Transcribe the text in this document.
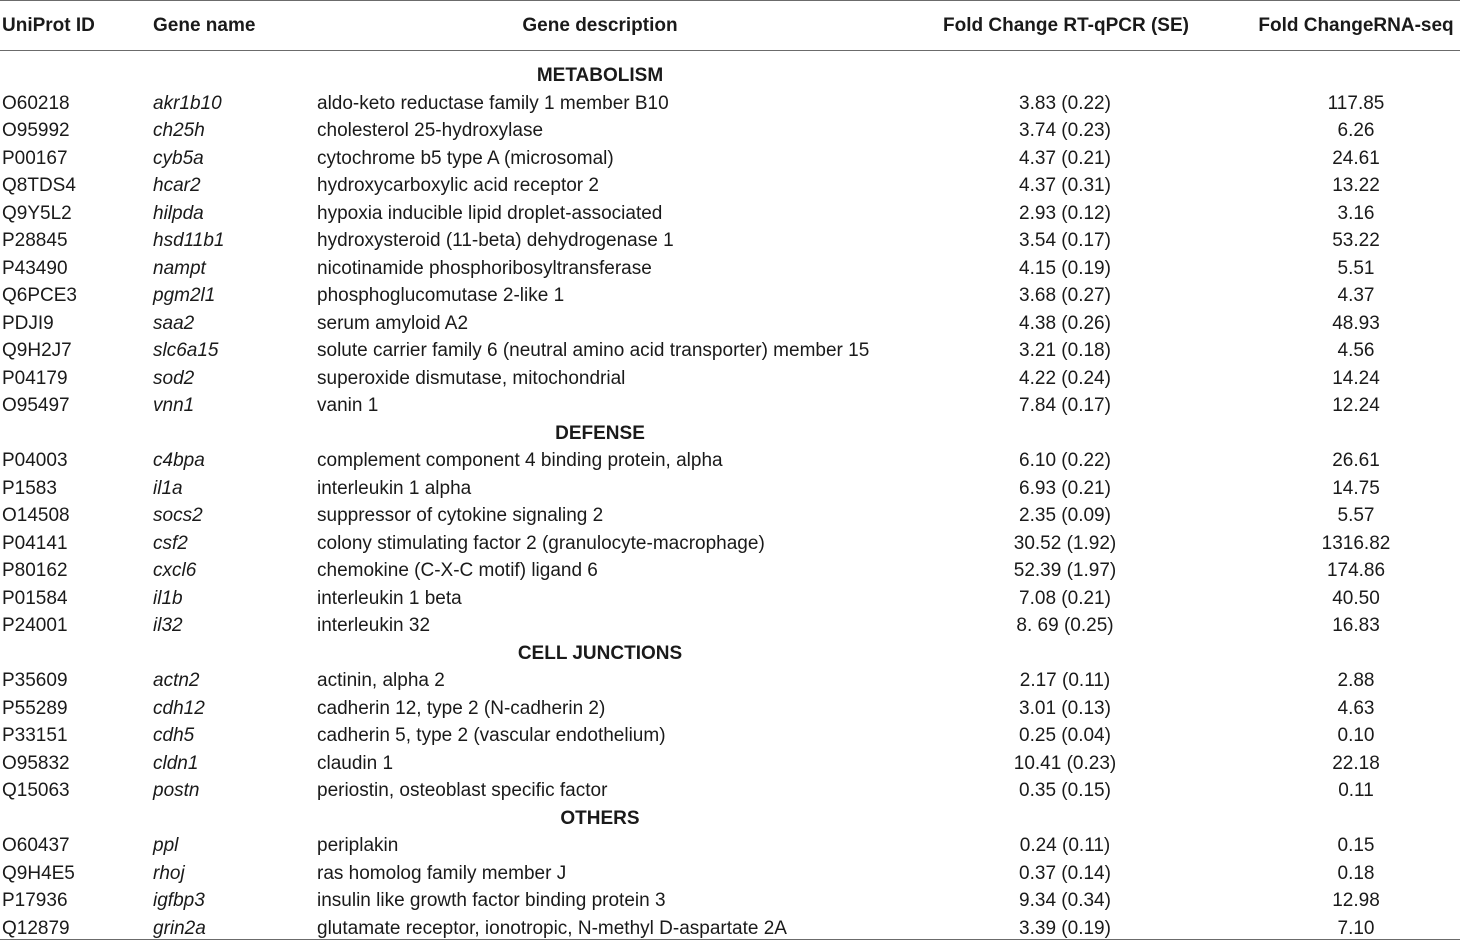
UniProt ID	Gene name	Gene description	Fold Change RT-qPCR (SE)	Fold ChangeRNA-seq
METABOLISM
O60218	akr1b10	aldo-keto reductase family 1 member B10	3.83 (0.22)	117.85
O95992	ch25h	cholesterol 25-hydroxylase	3.74 (0.23)	6.26
P00167	cyb5a	cytochrome b5 type A (microsomal)	4.37 (0.21)	24.61
Q8TDS4	hcar2	hydroxycarboxylic acid receptor 2	4.37 (0.31)	13.22
Q9Y5L2	hilpda	hypoxia inducible lipid droplet-associated	2.93 (0.12)	3.16
P28845	hsd11b1	hydroxysteroid (11-beta) dehydrogenase 1	3.54 (0.17)	53.22
P43490	nampt	nicotinamide phosphoribosyltransferase	4.15 (0.19)	5.51
Q6PCE3	pgm2l1	phosphoglucomutase 2-like 1	3.68 (0.27)	4.37
PDJI9	saa2	serum amyloid A2	4.38 (0.26)	48.93
Q9H2J7	slc6a15	solute carrier family 6 (neutral amino acid transporter) member 15	3.21 (0.18)	4.56
P04179	sod2	superoxide dismutase, mitochondrial	4.22 (0.24)	14.24
O95497	vnn1	vanin 1	7.84 (0.17)	12.24
DEFENSE
P04003	c4bpa	complement component 4 binding protein, alpha	6.10 (0.22)	26.61
P1583	il1a	interleukin 1 alpha	6.93 (0.21)	14.75
O14508	socs2	suppressor of cytokine signaling 2	2.35 (0.09)	5.57
P04141	csf2	colony stimulating factor 2 (granulocyte-macrophage)	30.52 (1.92)	1316.82
P80162	cxcl6	chemokine (C-X-C motif) ligand 6	52.39 (1.97)	174.86
P01584	il1b	interleukin 1 beta	7.08 (0.21)	40.50
P24001	il32	interleukin 32	8. 69 (0.25)	16.83
CELL JUNCTIONS
P35609	actn2	actinin, alpha 2	2.17 (0.11)	2.88
P55289	cdh12	cadherin 12, type 2 (N-cadherin 2)	3.01 (0.13)	4.63
P33151	cdh5	cadherin 5, type 2 (vascular endothelium)	0.25 (0.04)	0.10
O95832	cldn1	claudin 1	10.41 (0.23)	22.18
Q15063	postn	periostin, osteoblast specific factor	0.35 (0.15)	0.11
OTHERS
O60437	ppl	periplakin	0.24 (0.11)	0.15
Q9H4E5	rhoj	ras homolog family member J	0.37 (0.14)	0.18
P17936	igfbp3	insulin like growth factor binding protein 3	9.34 (0.34)	12.98
Q12879	grin2a	glutamate receptor, ionotropic, N-methyl D-aspartate 2A	3.39 (0.19)	7.10
